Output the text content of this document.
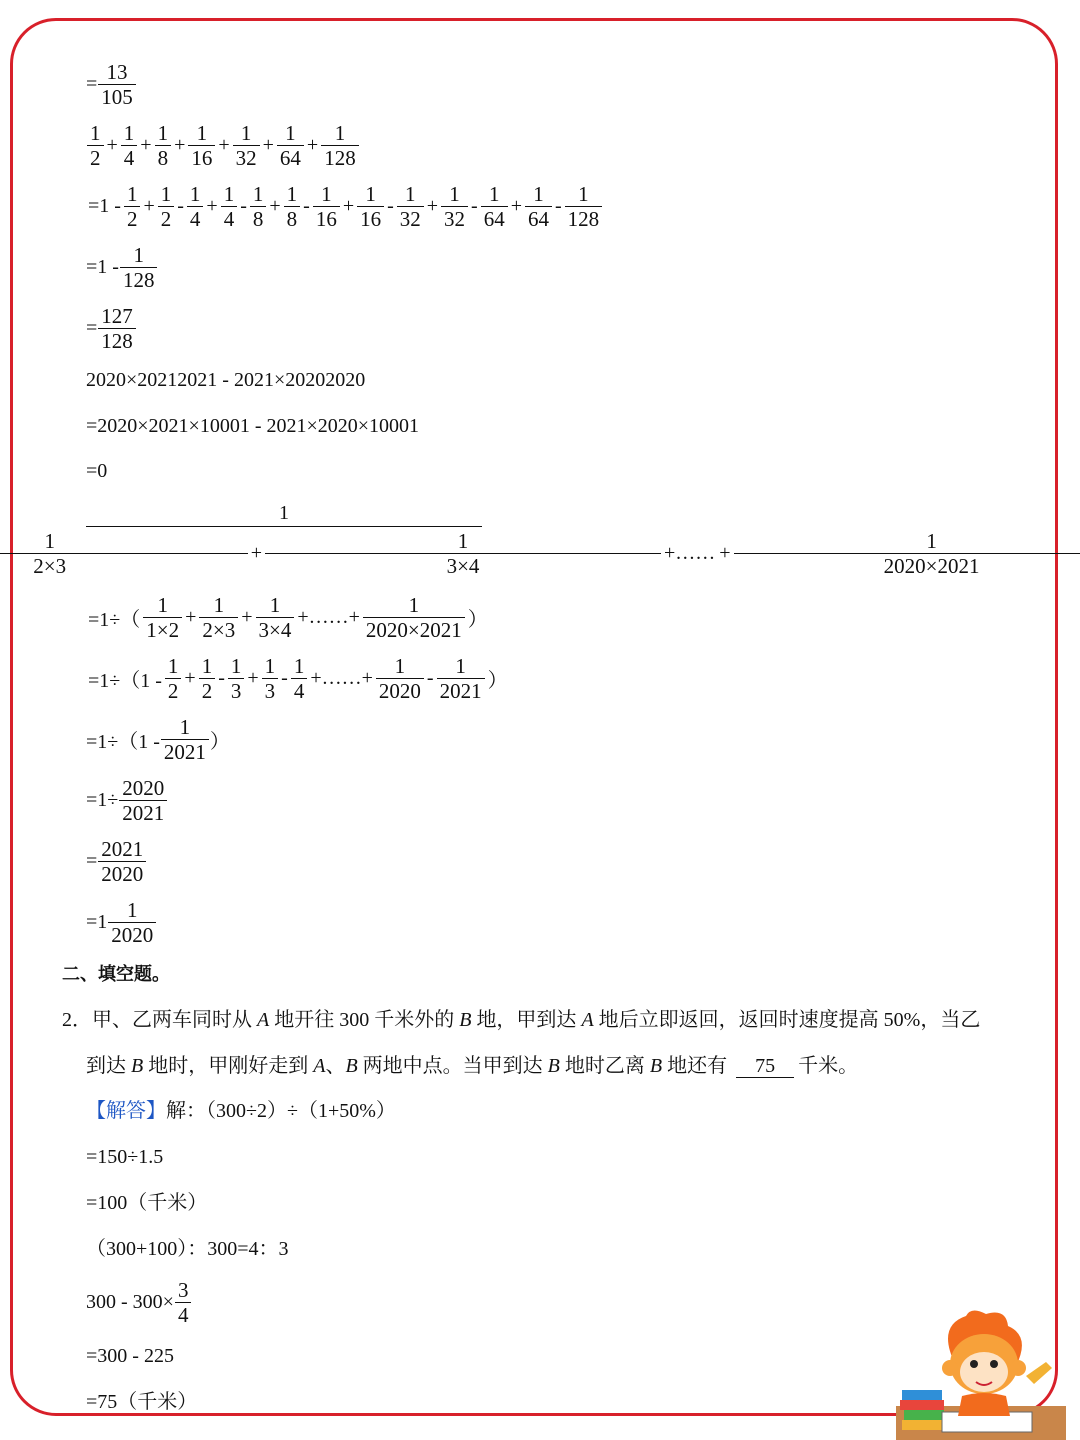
= $\frac{13}{105}$
$\frac{1}{2} + \frac{1}{4} + \frac{1}{8} + \frac{1}{16} + \frac{1}{32} + \frac{1}{64} + \frac{1}{128}$
$=1 - \frac{1}{2} + \frac{1}{2} - \frac{1}{4} + \frac{1}{4} - \frac{1}{8} + \frac{1}{8} - \frac{1}{16} + \frac{1}{16} - \frac{1}{32} + \frac{1}{32} - \frac{1}{64} + \frac{1}{64} - \frac{1}{128}$
$=1 - \frac{1}{128}$
= $\frac{127}{128}$
2020×20212021 - 2021×20202020
=2020×2021×10001 - 2021×2020×10001
=0
1
$\frac{1}{2\times 3} + \frac{1}{3\times 4}$ +…… + $\frac{1}{2020\times 2021}$
$=1\div( \frac{1}{1\times 2} + \frac{1}{2\times 3} + \frac{1}{3\times 4}$ +……+ $\frac{1}{2020\times 2021}$ ）
$=1\div(1 - \frac{1}{2} + \frac{1}{2} - \frac{1}{3} + \frac{1}{3} - \frac{1}{4}$ +……+ $\frac{1}{2020} - \frac{1}{2021}$ ）
$=1\div(1 - \frac{1}{2021}$ ）
$=1\div \frac{2020}{2021}$
= $\frac{2021}{2020}$
$=1 \frac{1}{2020}$
二、填空题。
2．甲、乙两车同时从 A 地开往 300 千米外的 B 地，甲到达 A 地后立即返回，返回时速度提高 50%，当乙
到达 B 地时，甲刚好走到 A、B 两地中点。当甲到达 B 地时乙离 B 地还有 75 千米。
【解答】解：（300÷2）÷（1+50%）
=150÷1.5
=100（千米）
（300+100）：300=4：3
$300 - 300\times \frac{3}{4}$
=300 - 225
=75（千米）
